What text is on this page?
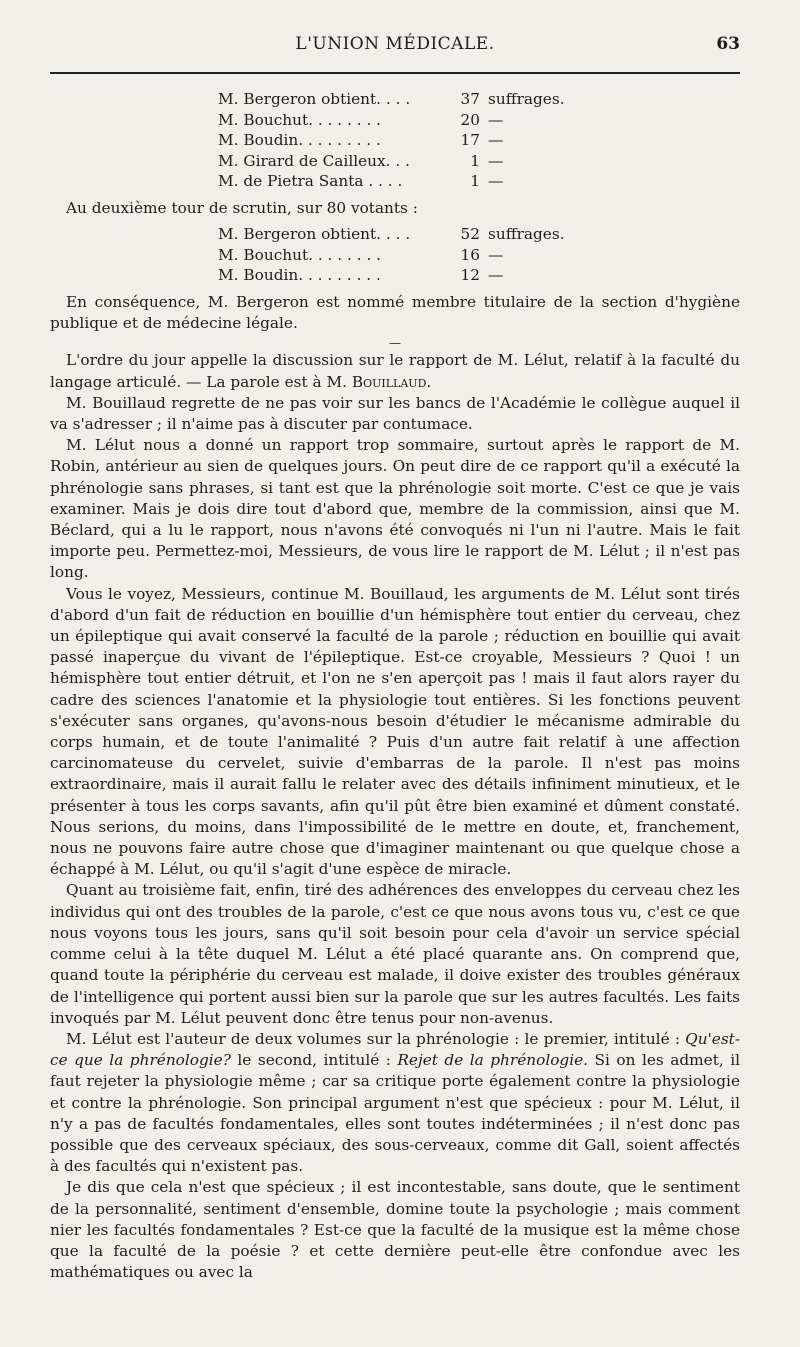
L'UNION MÉDICALE.	63
M. Bergeron obtient. . . .	37 suffrages.
M. Bouchut. . . . . . . .	20 —
M. Boudin. . . . . . . . .	17 —
M. Girard de Cailleux. . .	1 —
M. de Pietra Santa . . . .	1 —
Au deuxième tour de scrutin, sur 80 votants :
M. Bergeron obtient. . . .	52 suffrages.
M. Bouchut. . . . . . . .	16 —
M. Boudin. . . . . . . . .	12 —

En conséquence, M. Bergeron est nommé membre titulaire de la section d'hygiène publique et de médecine légale.

—

L'ordre du jour appelle la discussion sur le rapport de M. Lélut, relatif à la faculté du langage articulé. — La parole est à M. Bouillaud.

M. Bouillaud regrette de ne pas voir sur les bancs de l'Académie le collègue auquel il va s'adresser ; il n'aime pas à discuter par contumace.

M. Lélut nous a donné un rapport trop sommaire, surtout après le rapport de M. Robin, antérieur au sien de quelques jours. On peut dire de ce rapport qu'il a exécuté la phrénologie sans phrases, si tant est que la phrénologie soit morte. C'est ce que je vais examiner. Mais je dois dire tout d'abord que, membre de la commission, ainsi que M. Béclard, qui a lu le rapport, nous n'avons été convoqués ni l'un ni l'autre. Mais le fait importe peu. Permettez-moi, Messieurs, de vous lire le rapport de M. Lélut ; il n'est pas long.

Vous le voyez, Messieurs, continue M. Bouillaud, les arguments de M. Lélut sont tirés d'abord d'un fait de réduction en bouillie d'un hémisphère tout entier du cerveau, chez un épileptique qui avait conservé la faculté de la parole ; réduction en bouillie qui avait passé inaperçue du vivant de l'épileptique. Est-ce croyable, Messieurs ? Quoi ! un hémisphère tout entier détruit, et l'on ne s'en aperçoit pas ! mais il faut alors rayer du cadre des sciences l'anatomie et la physiologie tout entières. Si les fonctions peuvent s'exécuter sans organes, qu'avons-nous besoin d'étudier le mécanisme admirable du corps humain, et de toute l'animalité ? Puis d'un autre fait relatif à une affection carcinomateuse du cervelet, suivie d'embarras de la parole. Il n'est pas moins extraordinaire, mais il aurait fallu le relater avec des détails infiniment minutieux, et le présenter à tous les corps savants, afin qu'il pût être bien examiné et dûment constaté. Nous serions, du moins, dans l'impossibilité de le mettre en doute, et, franchement, nous ne pouvons faire autre chose que d'imaginer maintenant ou que quelque chose a échappé à M. Lélut, ou qu'il s'agit d'une espèce de miracle.

Quant au troisième fait, enfin, tiré des adhérences des enveloppes du cerveau chez les individus qui ont des troubles de la parole, c'est ce que nous avons tous vu, c'est ce que nous voyons tous les jours, sans qu'il soit besoin pour cela d'avoir un service spécial comme celui à la tête duquel M. Lélut a été placé quarante ans. On comprend que, quand toute la périphérie du cerveau est malade, il doive exister des troubles généraux de l'intelligence qui portent aussi bien sur la parole que sur les autres facultés. Les faits invoqués par M. Lélut peuvent donc être tenus pour non-avenus.

M. Lélut est l'auteur de deux volumes sur la phrénologie : le premier, intitulé : Qu'est-ce que la phrénologie? le second, intitulé : Rejet de la phrénologie. Si on les admet, il faut rejeter la physiologie même ; car sa critique porte également contre la physiologie et contre la phrénologie. Son principal argument n'est que spécieux : pour M. Lélut, il n'y a pas de facultés fondamentales, elles sont toutes indéterminées ; il n'est donc pas possible que des cerveaux spéciaux, des sous-cerveaux, comme dit Gall, soient affectés à des facultés qui n'existent pas.

Je dis que cela n'est que spécieux ; il est incontestable, sans doute, que le sentiment de la personnalité, sentiment d'ensemble, domine toute la psychologie ; mais comment nier les facultés fondamentales ? Est-ce que la faculté de la musique est la même chose que la faculté de la poésie ? et cette dernière peut-elle être confondue avec les mathématiques ou avec la
